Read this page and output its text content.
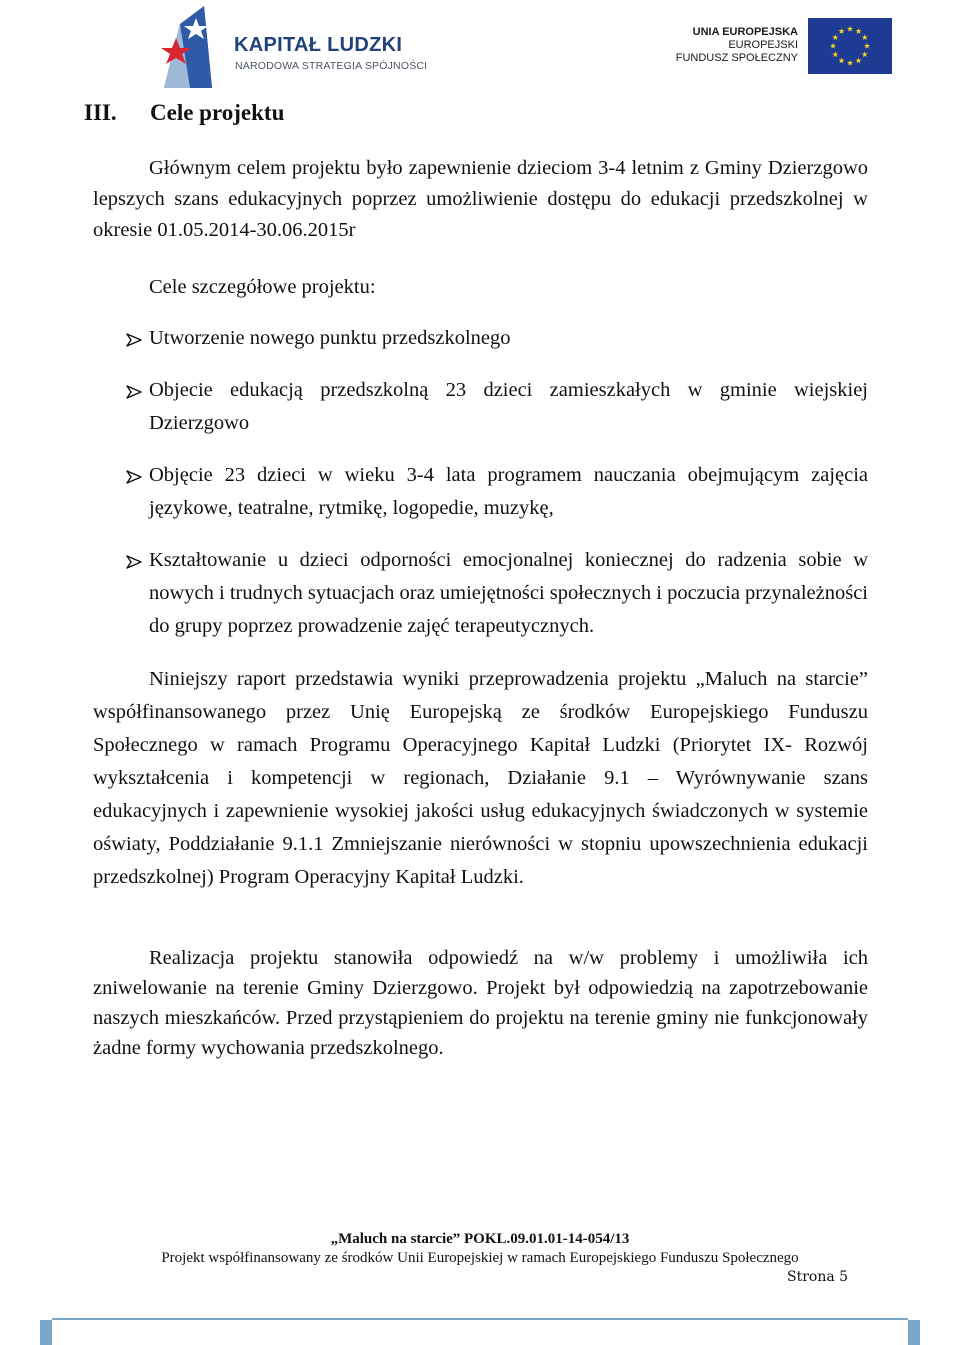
KAPITAŁ LUDZKI
NARODOWA STRATEGIA SPÓJNOŚCI
UNIA EUROPEJSKA
EUROPEJSKI
FUNDUSZ SPOŁECZNY
III. Cele projektu
Głównym celem projektu było zapewnienie dzieciom 3-4 letnim z Gminy Dzierzgowo lepszych szans edukacyjnych poprzez umożliwienie dostępu do edukacji przedszkolnej w okresie 01.05.2014-30.06.2015r
Cele szczegółowe projektu:
Utworzenie nowego punktu przedszkolnego
Objecie edukacją przedszkolną 23 dzieci zamieszkałych w gminie wiejskiej Dzierzgowo
Objęcie 23 dzieci w wieku 3-4 lata programem nauczania obejmującym zajęcia językowe, teatralne, rytmikę, logopedie, muzykę,
Kształtowanie u dzieci odporności emocjonalnej koniecznej do radzenia sobie w nowych i trudnych sytuacjach oraz umiejętności społecznych i poczucia przynależności do grupy poprzez prowadzenie zajęć terapeutycznych.
Niniejszy raport przedstawia wyniki przeprowadzenia projektu „Maluch na starcie” współfinansowanego przez Unię Europejską ze środków Europejskiego Funduszu Społecznego w ramach Programu Operacyjnego Kapitał Ludzki (Priorytet IX- Rozwój wykształcenia i kompetencji w regionach, Działanie 9.1 – Wyrównywanie szans edukacyjnych i zapewnienie wysokiej jakości usług edukacyjnych świadczonych w systemie oświaty, Poddziałanie 9.1.1 Zmniejszanie nierówności w stopniu upowszechnienia edukacji przedszkolnej) Program Operacyjny Kapitał Ludzki.
Realizacja projektu stanowiła odpowiedź na w/w problemy i umożliwiła ich zniwelowanie na terenie Gminy Dzierzgowo. Projekt był odpowiedzią na zapotrzebowanie naszych mieszkańców. Przed przystąpieniem do projektu na terenie gminy nie funkcjonowały żadne formy wychowania przedszkolnego.
„Maluch na starcie” POKL.09.01.01-14-054/13
Projekt współfinansowany ze środków Unii Europejskiej w ramach Europejskiego Funduszu Społecznego
Strona 5
